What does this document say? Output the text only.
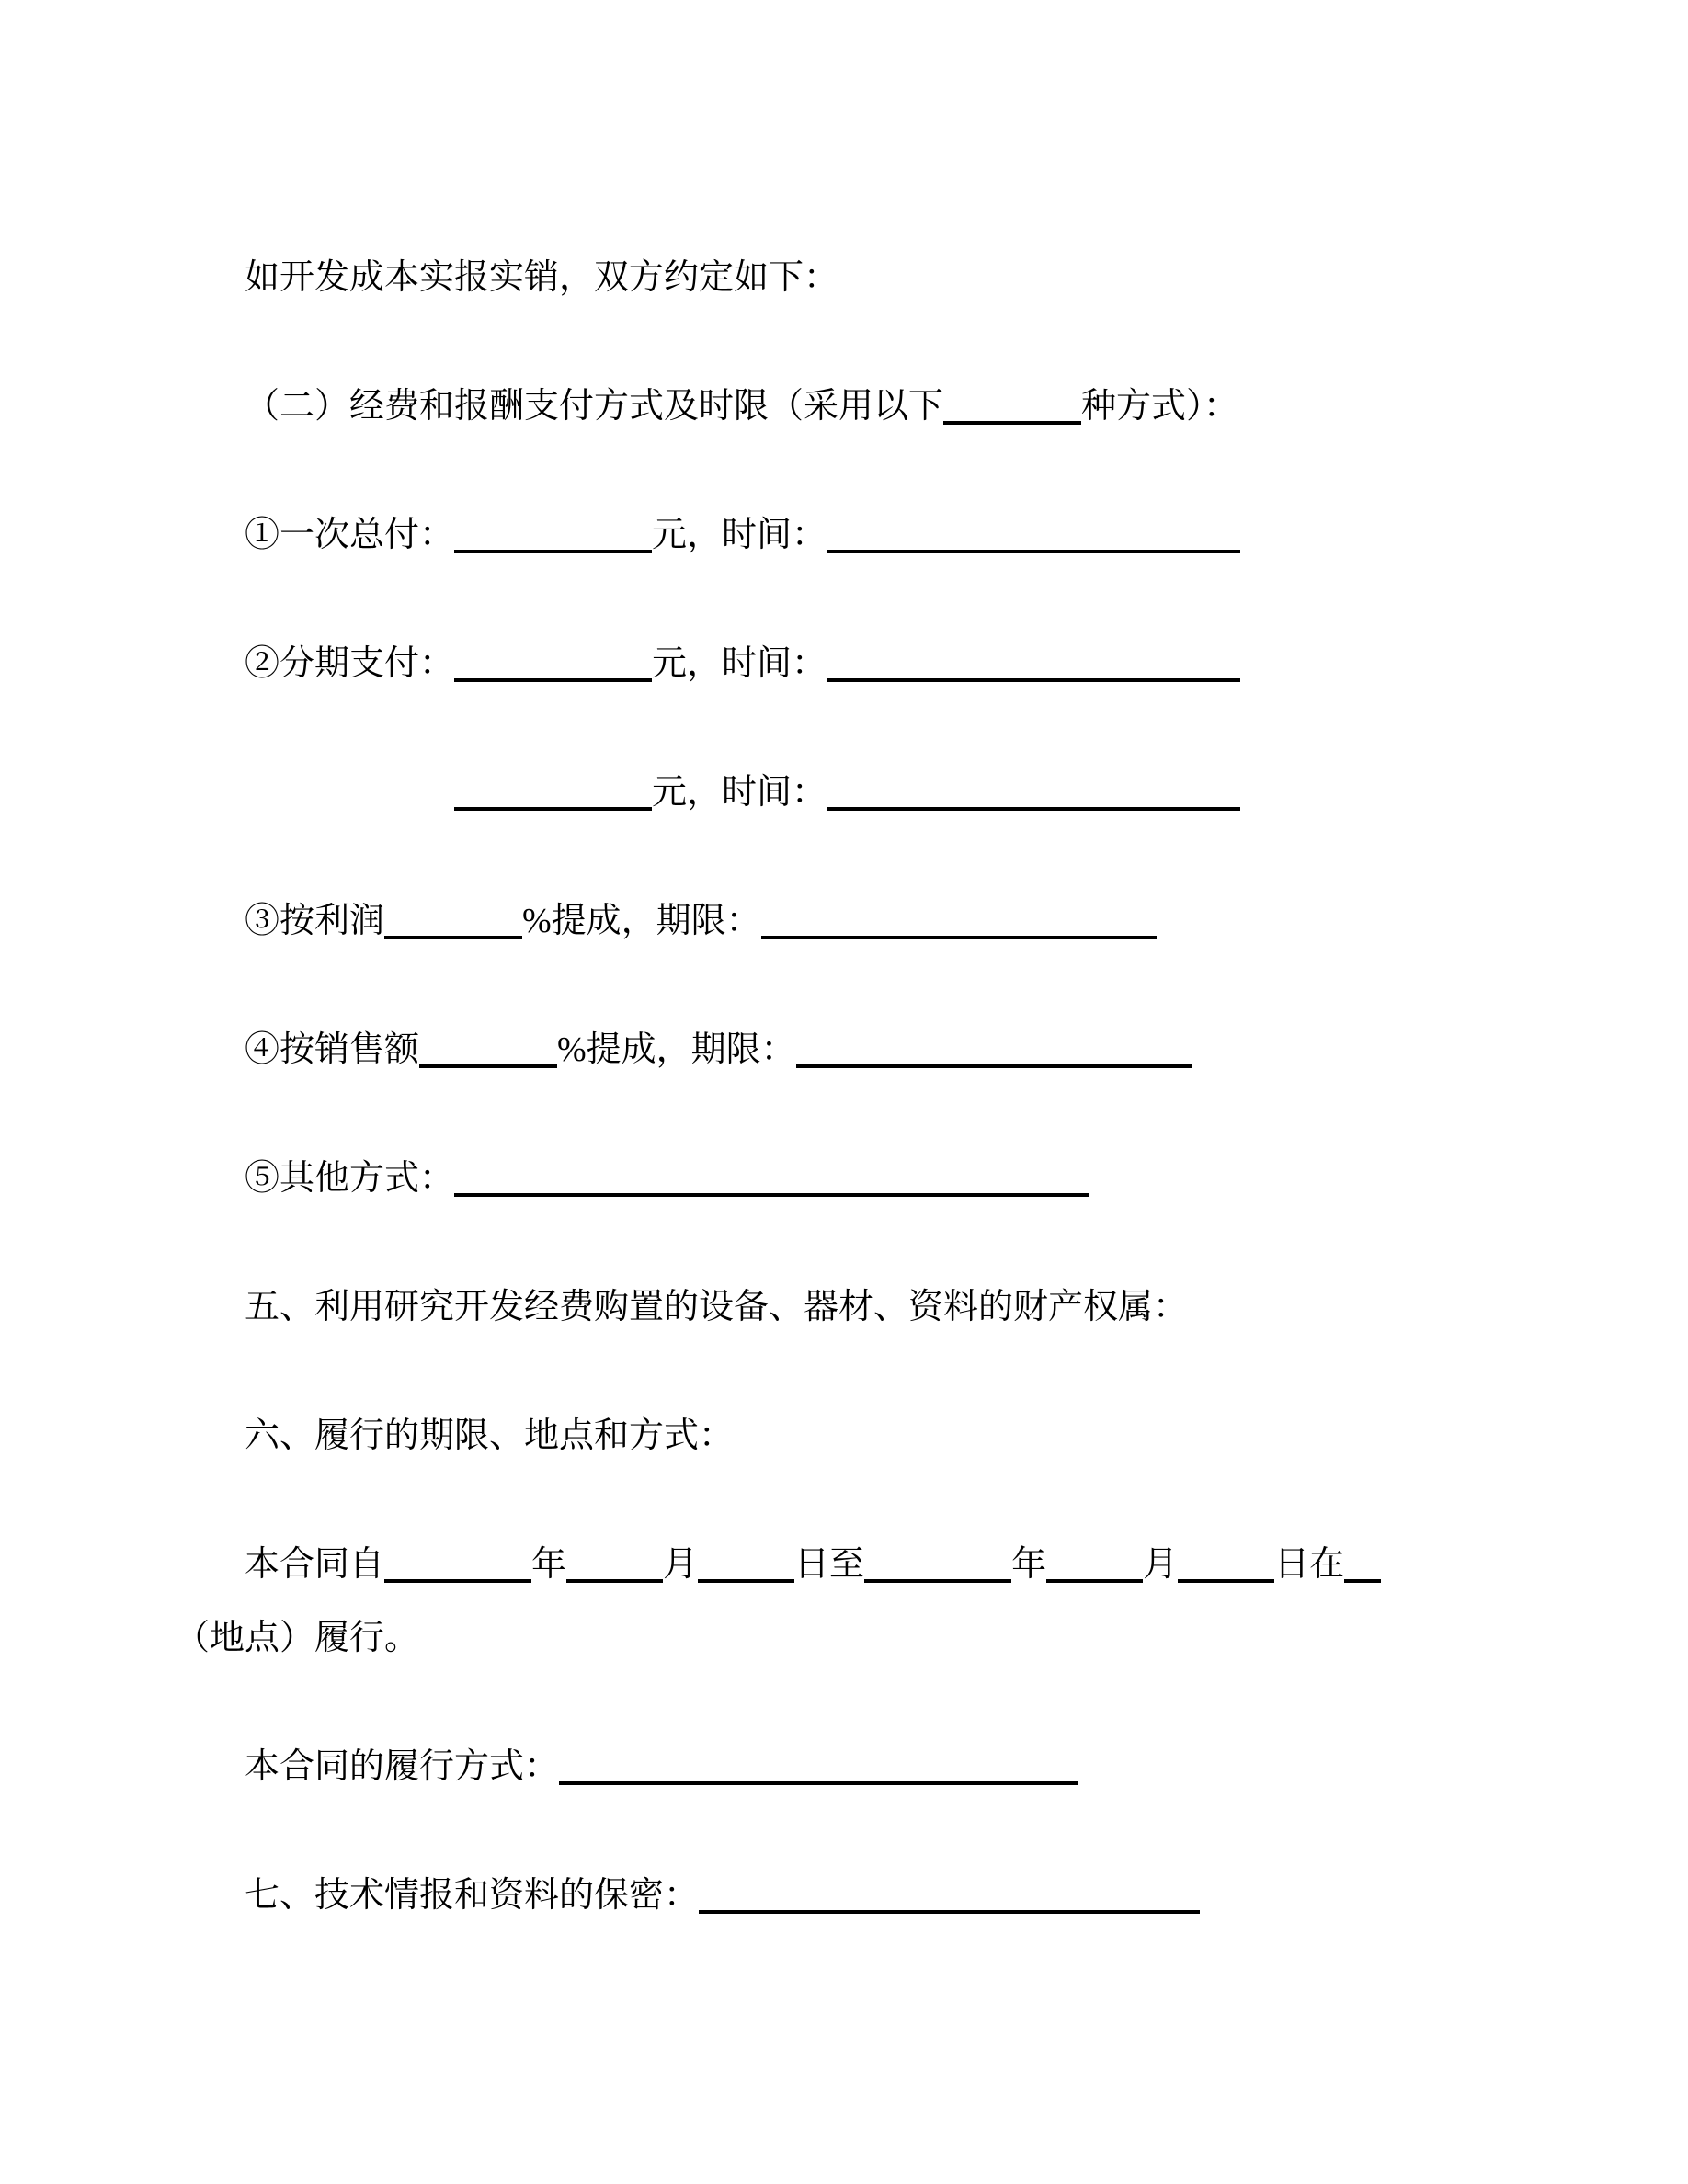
如开发成本实报实销，双方约定如下：
（二）经费和报酬支付方式及时限（采用以下	种方式）：
①一次总付：	元，时间：
②分期支付：	元，时间：
元，时间：
③按利润	%提成，期限：
④按销售额	%提成，期限：
⑤其他方式：
五、利用研究开发经费购置的设备、器材、资料的财产权属：
六、履行的期限、地点和方式：
本合同自	年	月	日至	年	月	日在
（地点）履行。
本合同的履行方式：
七、技术情报和资料的保密：
